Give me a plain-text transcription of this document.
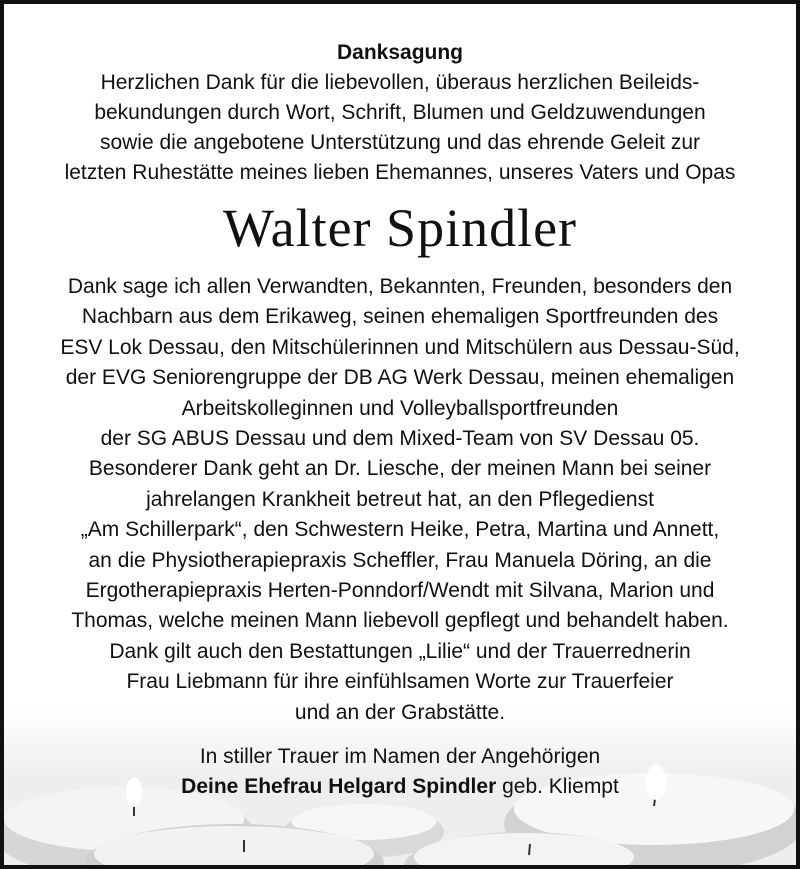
Danksagung
Herzlichen Dank für die liebevollen, überaus herzlichen Beileids-
bekundungen durch Wort, Schrift, Blumen und Geldzuwendungen
sowie die angebotene Unterstützung und das ehrende Geleit zur
letzten Ruhestätte meines lieben Ehemannes, unseres Vaters und Opas
Walter Spindler
Dank sage ich allen Verwandten, Bekannten, Freunden, besonders den
Nachbarn aus dem Erikaweg, seinen ehemaligen Sportfreunden des
ESV Lok Dessau, den Mitschülerinnen und Mitschülern aus Dessau-Süd,
der EVG Seniorengruppe der DB AG Werk Dessau, meinen ehemaligen
Arbeitskolleginnen und Volleyballsportfreunden
der SG ABUS Dessau und dem Mixed-Team von SV Dessau 05.
Besonderer Dank geht an Dr. Liesche, der meinen Mann bei seiner
jahrelangen Krankheit betreut hat, an den Pflegedienst
„Am Schillerpark“, den Schwestern Heike, Petra, Martina und Annett,
an die Physiotherapiepraxis Scheffler, Frau Manuela Döring, an die
Ergotherapiepraxis Herten-Ponndorf/Wendt mit Silvana, Marion und
Thomas, welche meinen Mann liebevoll gepflegt und behandelt haben.
Dank gilt auch den Bestattungen „Lilie“ und der Trauerrednerin
Frau Liebmann für ihre einfühlsamen Worte zur Trauerfeier
und an der Grabstätte.
In stiller Trauer im Namen der Angehörigen
Deine Ehefrau Helgard Spindler geb. Kliempt
